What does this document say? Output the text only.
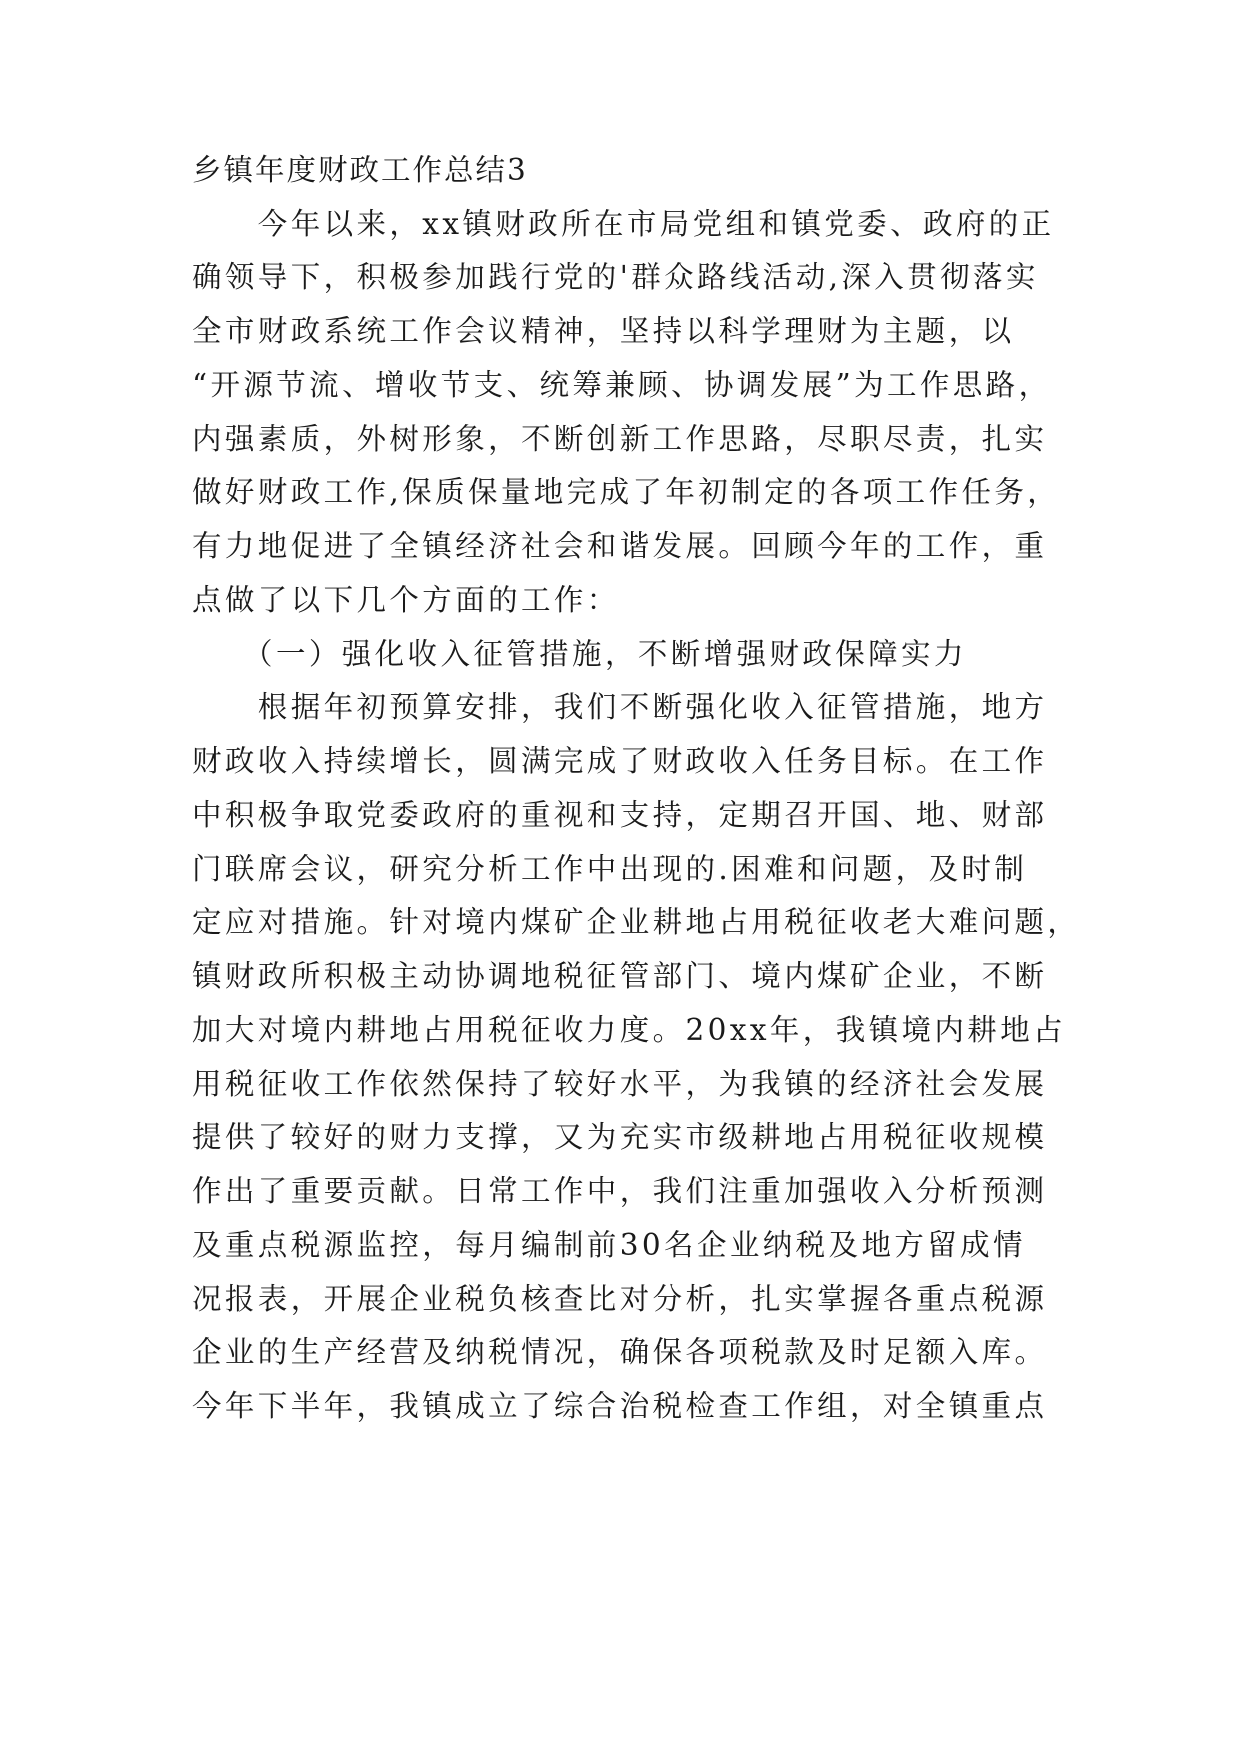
乡镇年度财政工作总结3
　　今年以来，xx镇财政所在市局党组和镇党委、政府的正
确领导下，积极参加践行党的'群众路线活动,深入贯彻落实
全市财政系统工作会议精神，坚持以科学理财为主题，以
“开源节流、增收节支、统筹兼顾、协调发展”为工作思路，
内强素质，外树形象，不断创新工作思路，尽职尽责，扎实
做好财政工作,保质保量地完成了年初制定的各项工作任务，
有力地促进了全镇经济社会和谐发展。回顾今年的工作，重
点做了以下几个方面的工作：
　　（一）强化收入征管措施，不断增强财政保障实力
　　根据年初预算安排，我们不断强化收入征管措施，地方
财政收入持续增长，圆满完成了财政收入任务目标。在工作
中积极争取党委政府的重视和支持，定期召开国、地、财部
门联席会议，研究分析工作中出现的.困难和问题，及时制
定应对措施。针对境内煤矿企业耕地占用税征收老大难问题，
镇财政所积极主动协调地税征管部门、境内煤矿企业，不断
加大对境内耕地占用税征收力度。20xx年，我镇境内耕地占
用税征收工作依然保持了较好水平，为我镇的经济社会发展
提供了较好的财力支撑，又为充实市级耕地占用税征收规模
作出了重要贡献。日常工作中，我们注重加强收入分析预测
及重点税源监控，每月编制前30名企业纳税及地方留成情
况报表，开展企业税负核查比对分析，扎实掌握各重点税源
企业的生产经营及纳税情况，确保各项税款及时足额入库。
今年下半年，我镇成立了综合治税检查工作组，对全镇重点
